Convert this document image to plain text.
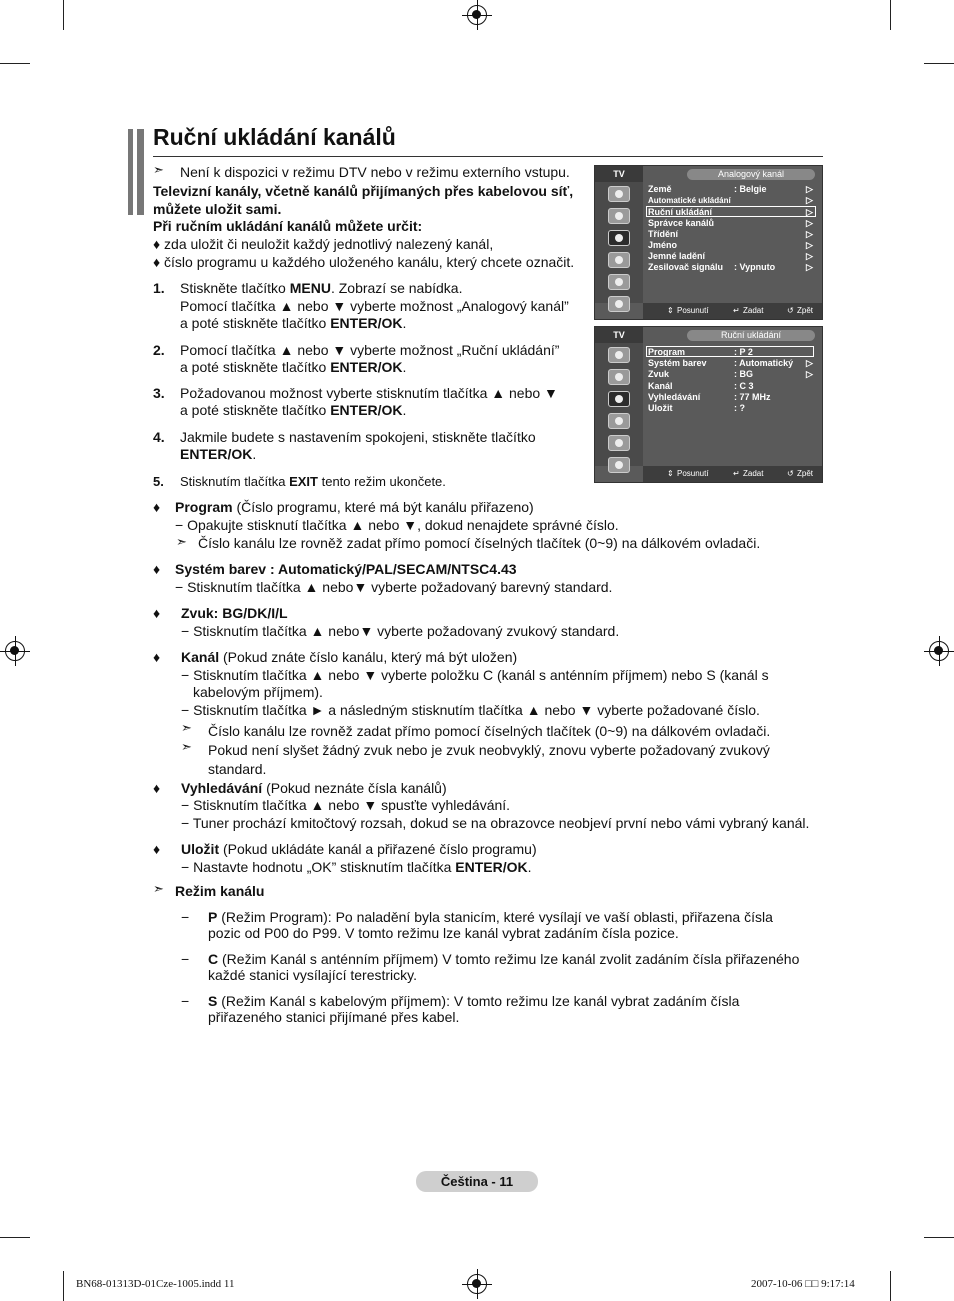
Ruční ukládání kanálů
➣ Není k dispozici v režimu DTV nebo v režimu externího vstupu.
Televizní kanály, včetně kanálů přijímaných přes kabelovou síť,
můžete uložit sami.
Při ručním ukládání kanálů můžete určit:
♦ zda uložit či neuložit každý jednotlivý nalezený kanál,
♦ číslo programu u každého uloženého kanálu, který chcete označit.
1. Stiskněte tlačítko MENU. Zobrazí se nabídka.
Pomocí tlačítka ▲ nebo ▼ vyberte možnost „Analogový kanál”
a poté stiskněte tlačítko ENTER/OK.
2. Pomocí tlačítka ▲ nebo ▼ vyberte možnost „Ruční ukládání”
a poté stiskněte tlačítko ENTER/OK.
3. Požadovanou možnost vyberte stisknutím tlačítka ▲ nebo ▼
a poté stiskněte tlačítko ENTER/OK.
4. Jakmile budete s nastavením spokojeni, stiskněte tlačítko
ENTER/OK.
5. Stisknutím tlačítka EXIT tento režim ukončete.
TV	Analogový kanál
Země	: Belgie	▷
Automatické ukládání	▷
Ruční ukládání	▷
Správce kanálů	▷
Třídění	▷
Jméno	▷
Jemné ladění	▷
Zesilovač signálu : Vypnuto	▷
⇕ Posunutí	↵ Zadat	↺ Zpět
TV	Ruční ukládání
Program	: P 2
Systém barev	: Automatický ▷
Zvuk	: BG	▷
Kanál	: C 3
Vyhledávání	: 77 MHz
Uložit	: ?
⇕ Posunutí	↵ Zadat	↺ Zpět
♦ Program (Číslo programu, které má být kanálu přiřazeno)
− Opakujte stisknutí tlačítka ▲ nebo ▼, dokud nenajdete správné číslo.
➣ Číslo kanálu lze rovněž zadat přímo pomocí číselných tlačítek (0~9) na dálkovém ovladači.
♦ Systém barev : Automatický/PAL/SECAM/NTSC4.43
− Stisknutím tlačítka ▲ nebo▼ vyberte požadovaný barevný standard.
♦ Zvuk: BG/DK/I/L
− Stisknutím tlačítka ▲ nebo▼ vyberte požadovaný zvukový standard.
♦ Kanál (Pokud znáte číslo kanálu, který má být uložen)
− Stisknutím tlačítka ▲ nebo ▼ vyberte položku C (kanál s anténním příjmem) nebo S (kanál s
kabelovým příjmem).
− Stisknutím tlačítka ► a následným stisknutím tlačítka ▲ nebo ▼ vyberte požadované číslo.
➣ Číslo kanálu lze rovněž zadat přímo pomocí číselných tlačítek (0~9) na dálkovém ovladači.
➣ Pokud není slyšet žádný zvuk nebo je zvuk neobvyklý, znovu vyberte požadovaný zvukový
standard.
♦ Vyhledávání (Pokud neznáte čísla kanálů)
− Stisknutím tlačítka ▲ nebo ▼ spusťte vyhledávání.
− Tuner prochází kmitočtový rozsah, dokud se na obrazovce neobjeví první nebo vámi vybraný kanál.
♦ Uložit (Pokud ukládáte kanál a přiřazené číslo programu)
− Nastavte hodnotu „OK” stisknutím tlačítka ENTER/OK.
➣ Režim kanálu
− P (Režim Program): Po naladění byla stanicím, které vysílají ve vaší oblasti, přiřazena čísla
pozic od P00 do P99. V tomto režimu lze kanál vybrat zadáním čísla pozice.
− C (Režim Kanál s anténním příjmem) V tomto režimu lze kanál zvolit zadáním čísla přiřazeného
každé stanici vysílající terestricky.
− S (Režim Kanál s kabelovým příjmem): V tomto režimu lze kanál vybrat zadáním čísla
přiřazeného stanici přijímané přes kabel.
Čeština - 11
BN68-01313D-01Cze-1005.indd 11	2007-10-06 □□ 9:17:14
